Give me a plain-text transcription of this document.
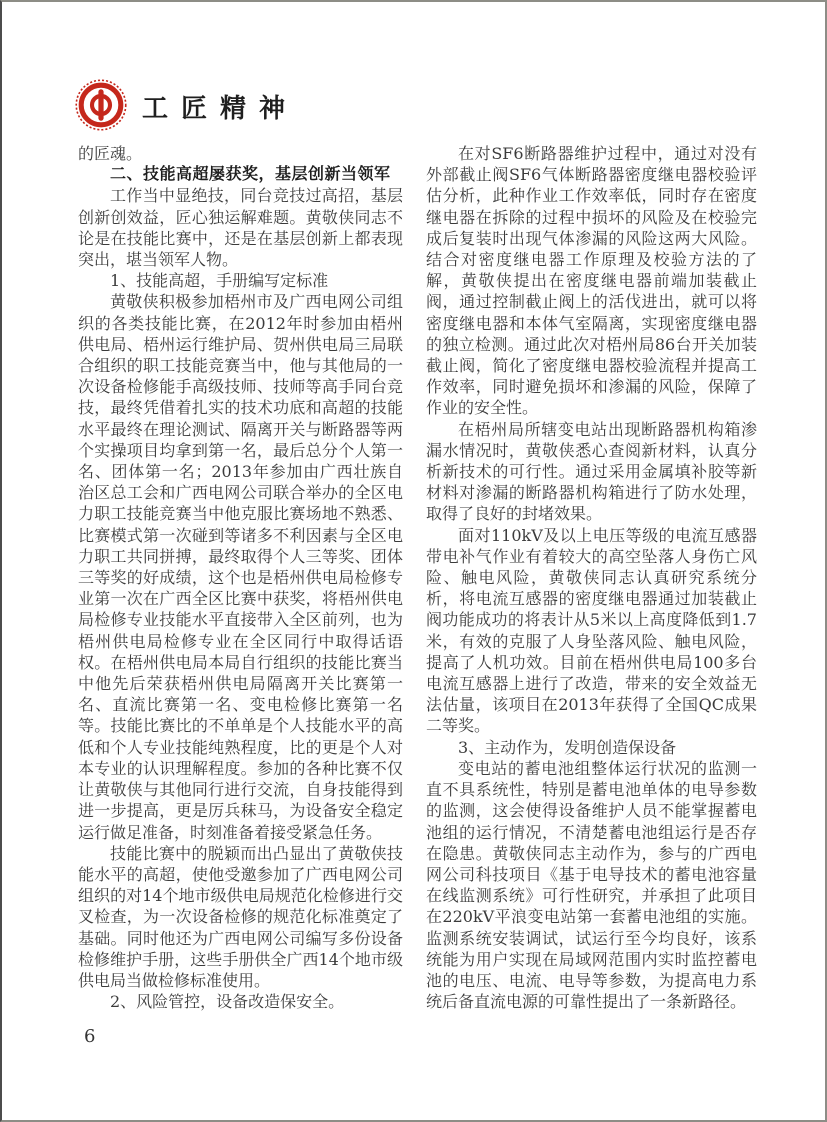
工匠精神

的匠魂。

二、技能高超屡获奖，基层创新当领军

工作当中显绝技，同台竞技过高招，基层创新创效益，匠心独运解难题。黄敬侠同志不论是在技能比赛中，还是在基层创新上都表现突出，堪当领军人物。

1、技能高超，手册编写定标准

黄敬侠积极参加梧州市及广西电网公司组织的各类技能比赛，在2012年时参加由梧州供电局、梧州运行维护局、贺州供电局三局联合组织的职工技能竞赛当中，他与其他局的一次设备检修能手高级技师、技师等高手同台竞技，最终凭借着扎实的技术功底和高超的技能水平最终在理论测试、隔离开关与断路器等两个实操项目均拿到第一名，最后总分个人第一名、团体第一名；2013年参加由广西壮族自治区总工会和广西电网公司联合举办的全区电力职工技能竞赛当中他克服比赛场地不熟悉、比赛模式第一次碰到等诸多不利因素与全区电力职工共同拼搏，最终取得个人三等奖、团体三等奖的好成绩，这个也是梧州供电局检修专业第一次在广西全区比赛中获奖，将梧州供电局检修专业技能水平直接带入全区前列，也为梧州供电局检修专业在全区同行中取得话语权。在梧州供电局本局自行组织的技能比赛当中他先后荣获梧州供电局隔离开关比赛第一名、直流比赛第一名、变电检修比赛第一名等。技能比赛比的不单单是个人技能水平的高低和个人专业技能纯熟程度，比的更是个人对本专业的认识理解程度。参加的各种比赛不仅让黄敬侠与其他同行进行交流，自身技能得到进一步提高，更是厉兵秣马，为设备安全稳定运行做足准备，时刻准备着接受紧急任务。

技能比赛中的脱颖而出凸显出了黄敬侠技能水平的高超，使他受邀参加了广西电网公司组织的对14个地市级供电局规范化检修进行交叉检查，为一次设备检修的规范化标准奠定了基础。同时他还为广西电网公司编写多份设备检修维护手册，这些手册供全广西14个地市级供电局当做检修标准使用。

2、风险管控，设备改造保安全。

在对SF6断路器维护过程中，通过对没有外部截止阀SF6气体断路器密度继电器校验评估分析，此种作业工作效率低，同时存在密度继电器在拆除的过程中损坏的风险及在校验完成后复装时出现气体渗漏的风险这两大风险。结合对密度继电器工作原理及校验方法的了解，黄敬侠提出在密度继电器前端加装截止阀，通过控制截止阀上的活伐进出，就可以将密度继电器和本体气室隔离，实现密度继电器的独立检测。通过此次对梧州局86台开关加装截止阀，简化了密度继电器校验流程并提高工作效率，同时避免损坏和渗漏的风险，保障了作业的安全性。

在梧州局所辖变电站出现断路器机构箱渗漏水情况时，黄敬侠悉心查阅新材料，认真分析新技术的可行性。通过采用金属填补胶等新材料对渗漏的断路器机构箱进行了防水处理，取得了良好的封堵效果。

面对110kV及以上电压等级的电流互感器带电补气作业有着较大的高空坠落人身伤亡风险、触电风险，黄敬侠同志认真研究系统分析，将电流互感器的密度继电器通过加装截止阀功能成功的将表计从5米以上高度降低到1.7米，有效的克服了人身坠落风险、触电风险，提高了人机功效。目前在梧州供电局100多台电流互感器上进行了改造，带来的安全效益无法估量，该项目在2013年获得了全国QC成果二等奖。

3、主动作为，发明创造保设备

变电站的蓄电池组整体运行状况的监测一直不具系统性，特别是蓄电池单体的电导参数的监测，这会使得设备维护人员不能掌握蓄电池组的运行情况，不清楚蓄电池组运行是否存在隐患。黄敬侠同志主动作为，参与的广西电网公司科技项目《基于电导技术的蓄电池容量在线监测系统》可行性研究，并承担了此项目在220kV平浪变电站第一套蓄电池组的实施。监测系统安装调试，试运行至今均良好，该系统能为用户实现在局域网范围内实时监控蓄电池的电压、电流、电导等参数，为提高电力系统后备直流电源的可靠性提出了一条新路径。

6
